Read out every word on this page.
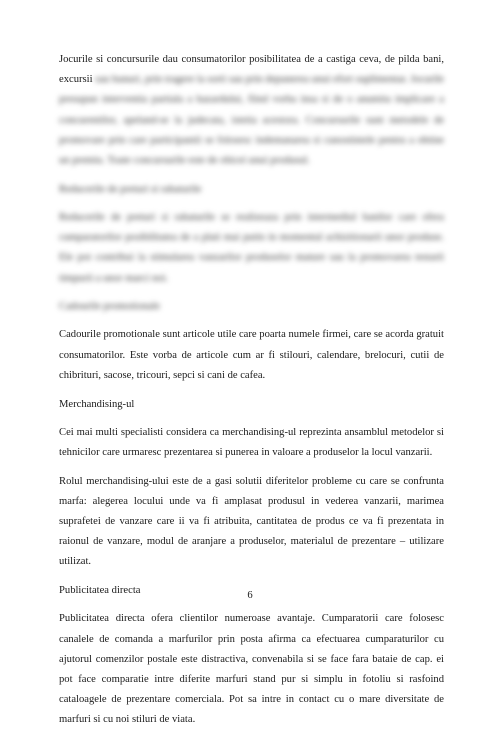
Jocurile si concursurile dau consumatorilor posibilitatea de a castiga ceva, de pilda bani, excursii sau bunuri, prin tragere la sorti sau prin depunerea unui efort suplimentar. Jocurile presupun interventia partiala a hazardului, fiind vorba insa si de o anumita implicare a concurentilor, apeland-se la judecata, istetia acestora. Concursurile sunt metodele de promovare prin care participantii se folosesc indemanarea si cunostintele pentru a obtine un premiu. Toate concursurile este de obicei unui produsul.

Reducerile de preturi si rabaturile

Reducerile de preturi si rabaturile se realizeaza prin intermediul banilor care ofera cumparatorilor posibilitatea de a plati mai putin in momentul achizitionarii unor produse. Ele pot contribui la stimularea vanzarilor produselor mature sau la promovarea testarii timpurii a unor marci noi.

Cadourile promotionale

Cadourile promotionale sunt articole utile care poarta numele firmei, care se acorda gratuit consumatorilor. Este vorba de articole cum ar fi stilouri, calendare, brelocuri, cutii de chibrituri, sacose, tricouri, sepci si cani de cafea.

Merchandising-ul

Cei mai multi specialisti considera ca merchandising-ul reprezinta ansamblul metodelor si tehnicilor care urmaresc prezentarea si punerea in valoare a produselor la locul vanzarii.

Rolul merchandising-ului este de a gasi solutii diferitelor probleme cu care se confrunta marfa: alegerea locului unde va fi amplasat produsul in vederea vanzarii, marimea suprafetei de vanzare care ii va fi atribuita, cantitatea de produs ce va fi prezentata in raionul de vanzare, modul de aranjare a produselor, materialul de prezentare – utilizare utilizat.

Publicitatea directa

Publicitatea directa ofera clientilor numeroase avantaje. Cumparatorii care folosesc canalele de comanda a marfurilor prin posta afirma ca efectuarea cumparaturilor cu ajutorul comenzilor postale este distractiva, convenabila si se face fara bataie de cap. ei pot face comparatie intre diferite marfuri stand pur si simplu in fotoliu si rasfoind cataloagele de prezentare comerciala. Pot sa intre in contact cu o mare diversitate de marfuri si cu noi stiluri de viata.

6
